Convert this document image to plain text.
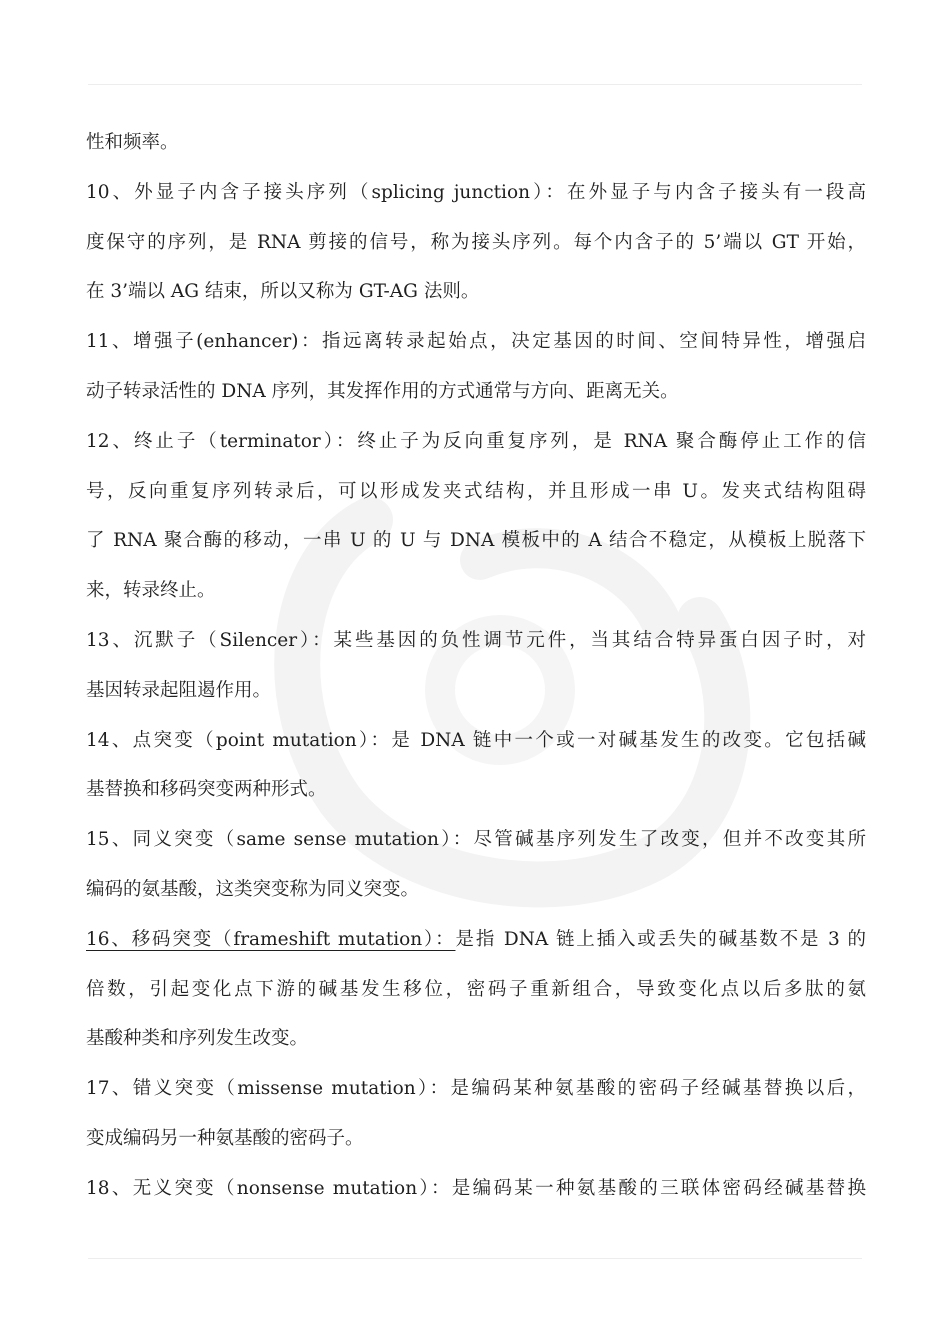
性和频率。
10、外显子内含子接头序列（splicing junction）：在外显子与内含子接头有一段高
度保守的序列，是 RNA 剪接的信号，称为接头序列。每个内含子的 5’端以 GT 开始，
在 3’端以 AG 结束，所以又称为 GT-AG 法则。
11、增强子(enhancer)：指远离转录起始点，决定基因的时间、空间特异性，增强启
动子转录活性的 DNA 序列，其发挥作用的方式通常与方向、距离无关。
12、终止子（terminator）：终止子为反向重复序列，是 RNA 聚合酶停止工作的信
号，反向重复序列转录后，可以形成发夹式结构，并且形成一串 U。发夹式结构阻碍
了 RNA 聚合酶的移动，一串 U 的 U 与 DNA 模板中的 A 结合不稳定，从模板上脱落下
来，转录终止。
13、沉默子（Silencer）：某些基因的负性调节元件，当其结合特异蛋白因子时，对
基因转录起阻遏作用。
14、点突变（point mutation）：是 DNA 链中一个或一对碱基发生的改变。它包括碱
基替换和移码突变两种形式。
15、同义突变（same sense mutation）：尽管碱基序列发生了改变，但并不改变其所
编码的氨基酸，这类突变称为同义突变。
16、移码突变（frameshift mutation）：是指 DNA 链上插入或丢失的碱基数不是 3 的
倍数，引起变化点下游的碱基发生移位，密码子重新组合，导致变化点以后多肽的氨
基酸种类和序列发生改变。
17、错义突变（missense mutation）：是编码某种氨基酸的密码子经碱基替换以后，
变成编码另一种氨基酸的密码子。
18、无义突变（nonsense mutation）：是编码某一种氨基酸的三联体密码经碱基替换
